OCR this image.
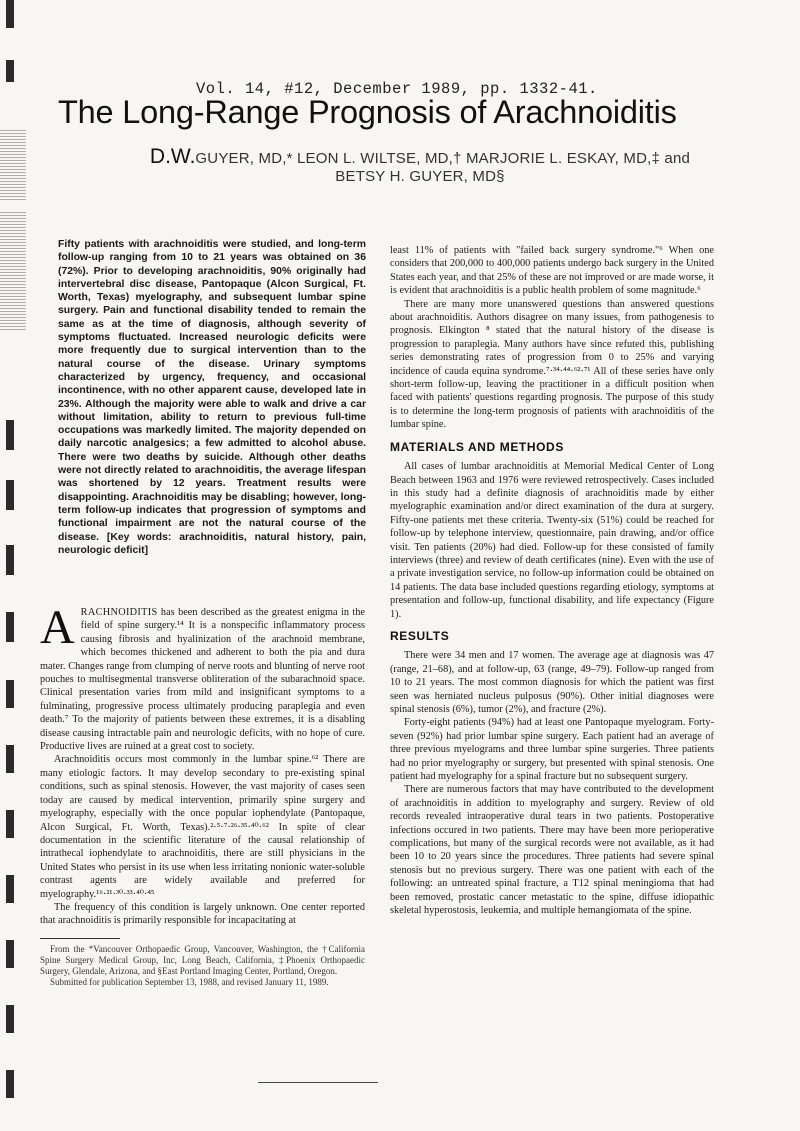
Vol. 14, #12, December 1989, pp. 1332-41.
The Long-Range Prognosis of Arachnoiditis
D.W.GUYER, MD,* LEON L. WILTSE, MD,† MARJORIE L. ESKAY, MD,‡ and
BETSY H. GUYER, MD§
Fifty patients with arachnoiditis were studied, and long-term follow-up ranging from 10 to 21 years was obtained on 36 (72%). Prior to developing arachnoiditis, 90% originally had intervertebral disc disease, Pantopaque (Alcon Surgical, Ft. Worth, Texas) myelography, and subsequent lumbar spine surgery. Pain and functional disability tended to remain the same as at the time of diagnosis, although severity of symptoms fluctuated. Increased neurologic deficits were more frequently due to surgical intervention than to the natural course of the disease. Urinary symptoms characterized by urgency, frequency, and occasional incontinence, with no other apparent cause, developed late in 23%. Although the majority were able to walk and drive a car without limitation, ability to return to previous full-time occupations was markedly limited. The majority depended on daily narcotic analgesics; a few admitted to alcohol abuse. There were two deaths by suicide. Although other deaths were not directly related to arachnoiditis, the average lifespan was shortened by 12 years. Treatment results were disappointing. Arachnoiditis may be disabling; however, long-term follow-up indicates that progression of symptoms and functional impairment are not the natural course of the disease. [Key words: arachnoiditis, natural history, pain, neurologic deficit]

ARACHNOIDITIS has been described as the greatest enigma in the field of spine surgery.¹⁴ It is a nonspecific inflammatory process causing fibrosis and hyalinization of the arachnoid membrane, which becomes thickened and adherent to both the pia and dura mater. Changes range from clumping of nerve roots and blunting of nerve root pouches to multisegmental transverse obliteration of the subarachnoid space. Clinical presentation varies from mild and insignificant symptoms to a fulminating, progressive process ultimately producing paraplegia and even death.⁷ To the majority of patients between these extremes, it is a disabling disease causing intractable pain and neurologic deficits, with no hope of cure. Productive lives are ruined at a great cost to society.

Arachnoiditis occurs most commonly in the lumbar spine.⁶² There are many etiologic factors. It may develop secondary to pre-existing spinal conditions, such as spinal stenosis. However, the vast majority of cases seen today are caused by medical intervention, primarily spine surgery and myelography, especially with the once popular iophendylate (Pantopaque, Alcon Surgical, Ft. Worth, Texas).²·⁵·⁷·²⁶·³⁵·⁴⁰·⁶² In spite of clear documentation in the scientific literature of the causal relationship of intrathecal iophendylate to arachnoiditis, there are still physicians in the United States who persist in its use when less irritating nonionic water-soluble contrast agents are widely available and preferred for myelography.¹⁶·²¹·³⁰·³³·⁴⁰·⁴⁵

The frequency of this condition is largely unknown. One center reported that arachnoiditis is primarily responsible for incapacitating at

From the *Vancouver Orthopaedic Group, Vancouver, Washington, the †California Spine Surgery Medical Group, Inc, Long Beach, California, ‡Phoenix Orthopaedic Surgery, Glendale, Arizona, and §East Portland Imaging Center, Portland, Oregon.

Submitted for publication September 13, 1988, and revised January 11, 1989.

least 11% of patients with "failed back surgery syndrome."⁶ When one considers that 200,000 to 400,000 patients undergo back surgery in the United States each year, and that 25% of these are not improved or are made worse, it is evident that arachnoiditis is a public health problem of some magnitude.⁶

There are many more unanswered questions than answered questions about arachnoiditis. Authors disagree on many issues, from pathogenesis to prognosis. Elkington ⁸ stated that the natural history of the disease is progression to paraplegia. Many authors have since refuted this, publishing series demonstrating rates of progression from 0 to 25% and varying incidence of cauda equina syndrome.⁷·³⁴·⁴⁴·⁶²·⁷¹ All of these series have only short-term follow-up, leaving the practitioner in a difficult position when faced with patients' questions regarding prognosis. The purpose of this study is to determine the long-term prognosis of patients with arachnoiditis of the lumbar spine.

MATERIALS AND METHODS

All cases of lumbar arachnoiditis at Memorial Medical Center of Long Beach between 1963 and 1976 were reviewed retrospectively. Cases included in this study had a definite diagnosis of arachnoiditis made by either myelographic examination and/or direct examination of the dura at surgery. Fifty-one patients met these criteria. Twenty-six (51%) could be reached for follow-up by telephone interview, questionnaire, pain drawing, and/or office visit. Ten patients (20%) had died. Follow-up for these consisted of family interviews (three) and review of death certificates (nine). Even with the use of a private investigation service, no follow-up information could be obtained on 14 patients. The data base included questions regarding etiology, symptoms at presentation and follow-up, functional disability, and life expectancy (Figure 1).

RESULTS

There were 34 men and 17 women. The average age at diagnosis was 47 (range, 21–68), and at follow-up, 63 (range, 49–79). Follow-up ranged from 10 to 21 years. The most common diagnosis for which the patient was first seen was herniated nucleus pulposus (90%). Other initial diagnoses were spinal stenosis (6%), tumor (2%), and fracture (2%).

Forty-eight patients (94%) had at least one Pantopaque myelogram. Forty-seven (92%) had prior lumbar spine surgery. Each patient had an average of three previous myelograms and three lumbar spine surgeries. Three patients had no prior myelography or surgery, but presented with spinal stenosis. One patient had myelography for a spinal fracture but no subsequent surgery.

There are numerous factors that may have contributed to the development of arachnoiditis in addition to myelography and surgery. Review of old records revealed intraoperative dural tears in two patients. Postoperative infections occured in two patients. There may have been more perioperative complications, but many of the surgical records were not available, as it had been 10 to 20 years since the procedures. Three patients had severe spinal stenosis but no previous surgery. There was one patient with each of the following: an untreated spinal fracture, a T12 spinal meningioma that had been removed, prostatic cancer metastatic to the spine, diffuse idiopathic skeletal hyperostosis, leukemia, and multiple hemangiomata of the spine.
